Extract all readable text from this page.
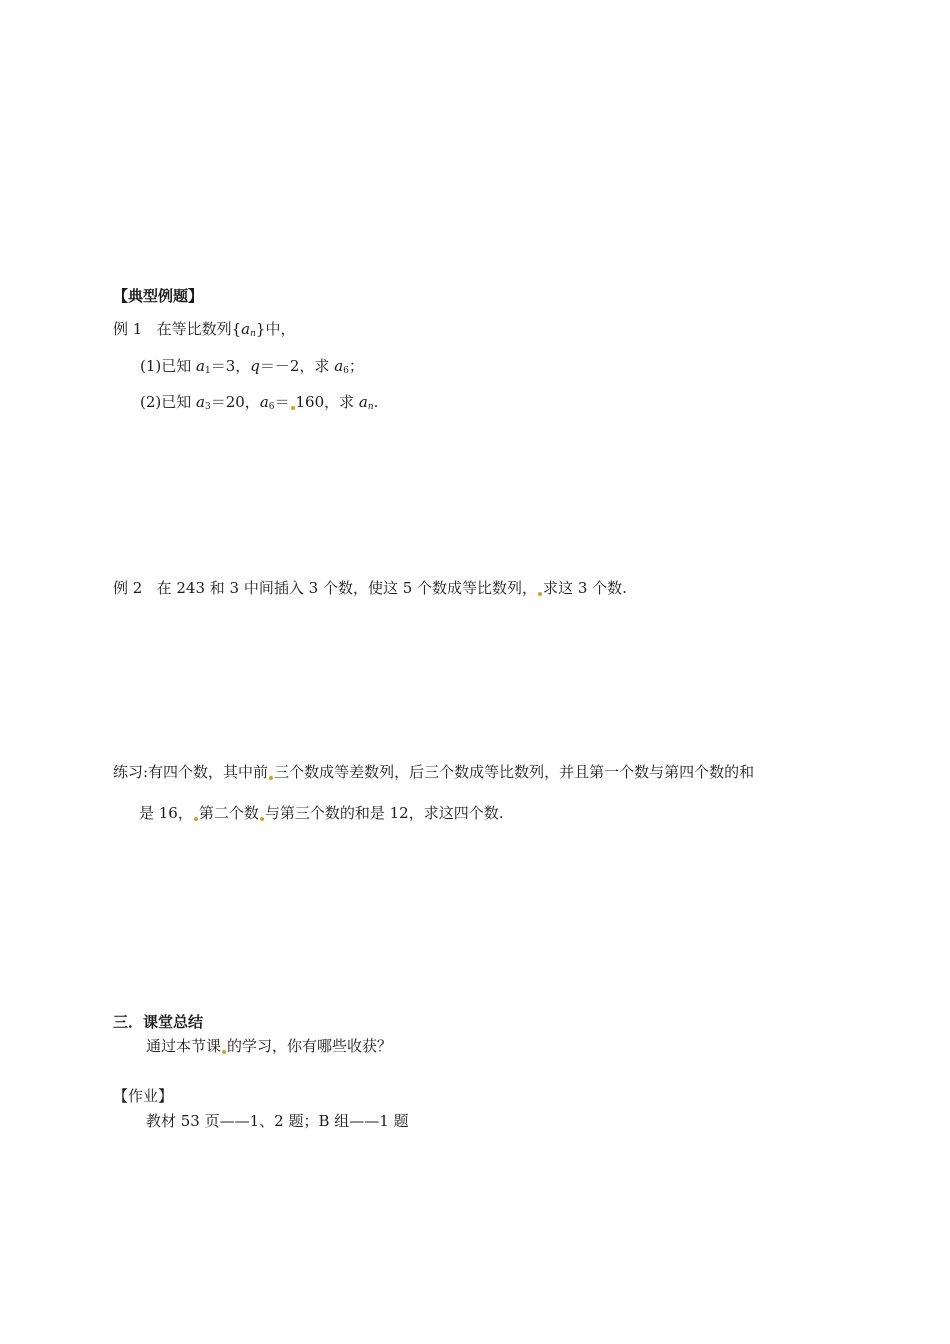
【典型例题】
例 1 在等比数列{an}中，
(1)已知 a1＝3，q＝－2，求 a6；
(2)已知 a3＝20，a6＝ 160，求 an.
例 2 在 243 和 3 中间插入 3 个数，使这 5 个数成等比数列， 求这 3 个数.
练习:有四个数，其中前 三个数成等差数列，后三个数成等比数列，并且第一个数与第四个数的和
是 16， 第二个数 与第三个数的和是 12，求这四个数.
三．课堂总结
通过本节课 的学习，你有哪些收获？
【作业】
教材 53 页——1、2 题；B 组——1 题
